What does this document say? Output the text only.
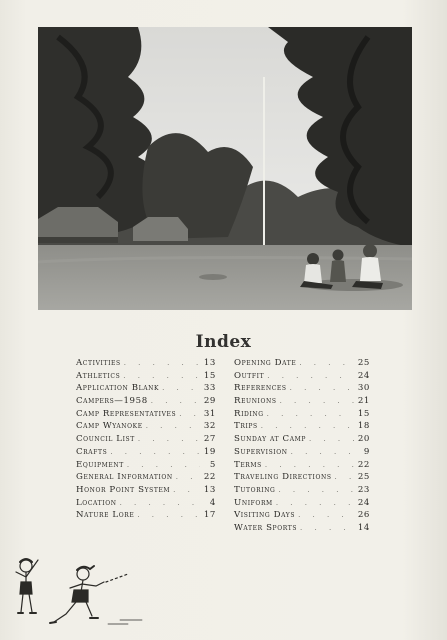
Index
Activities . . .	13
Athletics . . .	15
Application Blank . . .	33
Campers—1958 . . .	29
Camp Representatives . . .	31
Camp Wyanoke . . .	32
Council List . . .	27
Crafts . . .	19
Equipment . . .	5
General Information . . .	22
Honor Point System . . .	13
Location . . .	4
Nature Lore . . .	17
Opening Date . . .	25
Outfit . . .	24
References . . .	30
Reunions . . .	21
Riding . . .	15
Trips . . .	18
Sunday at Camp . . .	20
Supervision . . .	9
Terms . . .	22
Traveling Directions . . .	25
Tutoring . . .	23
Uniform . . .	24
Visiting Days . . .	26
Water Sports . . .	14
